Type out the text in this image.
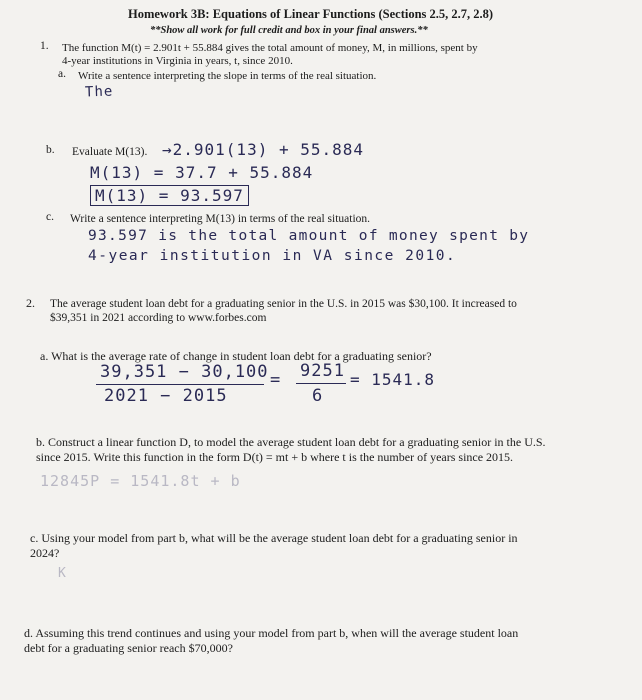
Homework 3B: Equations of Linear Functions (Sections 2.5, 2.7, 2.8)
**Show all work for full credit and box in your final answers.**
1. The function M(t) = 2.901t + 55.884 gives the total amount of money, M, in millions, spent by
4-year institutions in Virginia in years, t, since 2010.
a. Write a sentence interpreting the slope in terms of the real situation.
The
b. Evaluate M(13). →2.901(13) + 55.884
M(13) = 37.7 + 55.884
M(13) = 93.597
c. Write a sentence interpreting M(13) in terms of the real situation.
93.597 is the total amount of money spent by
4-year institution in VA since 2010.
2. The average student loan debt for a graduating senior in the U.S. in 2015 was $30,100. It increased to
$39,351 in 2021 according to www.forbes.com
a. What is the average rate of change in student loan debt for a graduating senior?
39,351 − 30,100
2021 − 2015
= 9251
6
= 1541.8
b. Construct a linear function D, to model the average student loan debt for a graduating senior in the U.S.
since 2015. Write this function in the form D(t) = mt + b where t is the number of years since 2015.
12845P = 1541.8t + b
c. Using your model from part b, what will be the average student loan debt for a graduating senior in
2024?
K
d. Assuming this trend continues and using your model from part b, when will the average student loan
debt for a graduating senior reach $70,000?
